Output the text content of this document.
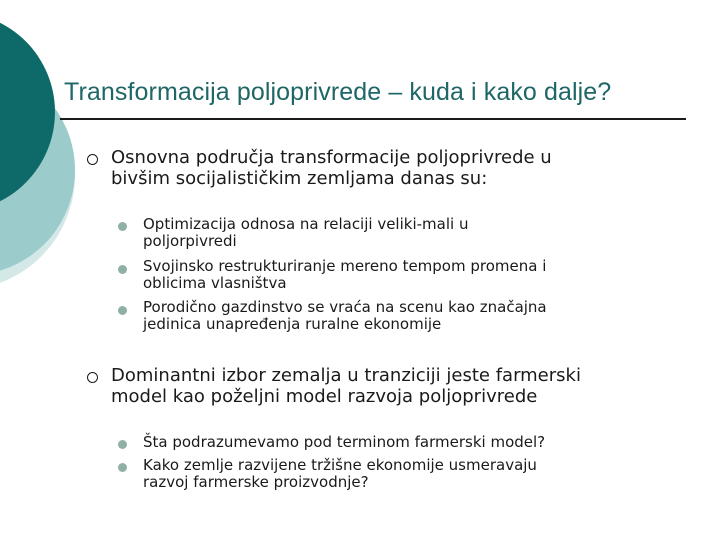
Transformacija poljoprivrede – kuda i kako dalje?
Osnovna područja transformacije poljoprivrede u
bivšim socijalističkim zemljama danas su:
Optimizacija odnosa na relaciji veliki-mali u
poljorpivredi
Svojinsko restrukturiranje mereno tempom promena i
oblicima vlasništva
Porodično gazdinstvo se vraća na scenu kao značajna
jedinica unapređenja ruralne ekonomije
Dominantni izbor zemalja u tranziciji jeste farmerski
model kao poželjni model razvoja poljoprivrede
Šta podrazumevamo pod terminom farmerski model?
Kako zemlje razvijene tržišne ekonomije usmeravaju
razvoj farmerske proizvodnje?
